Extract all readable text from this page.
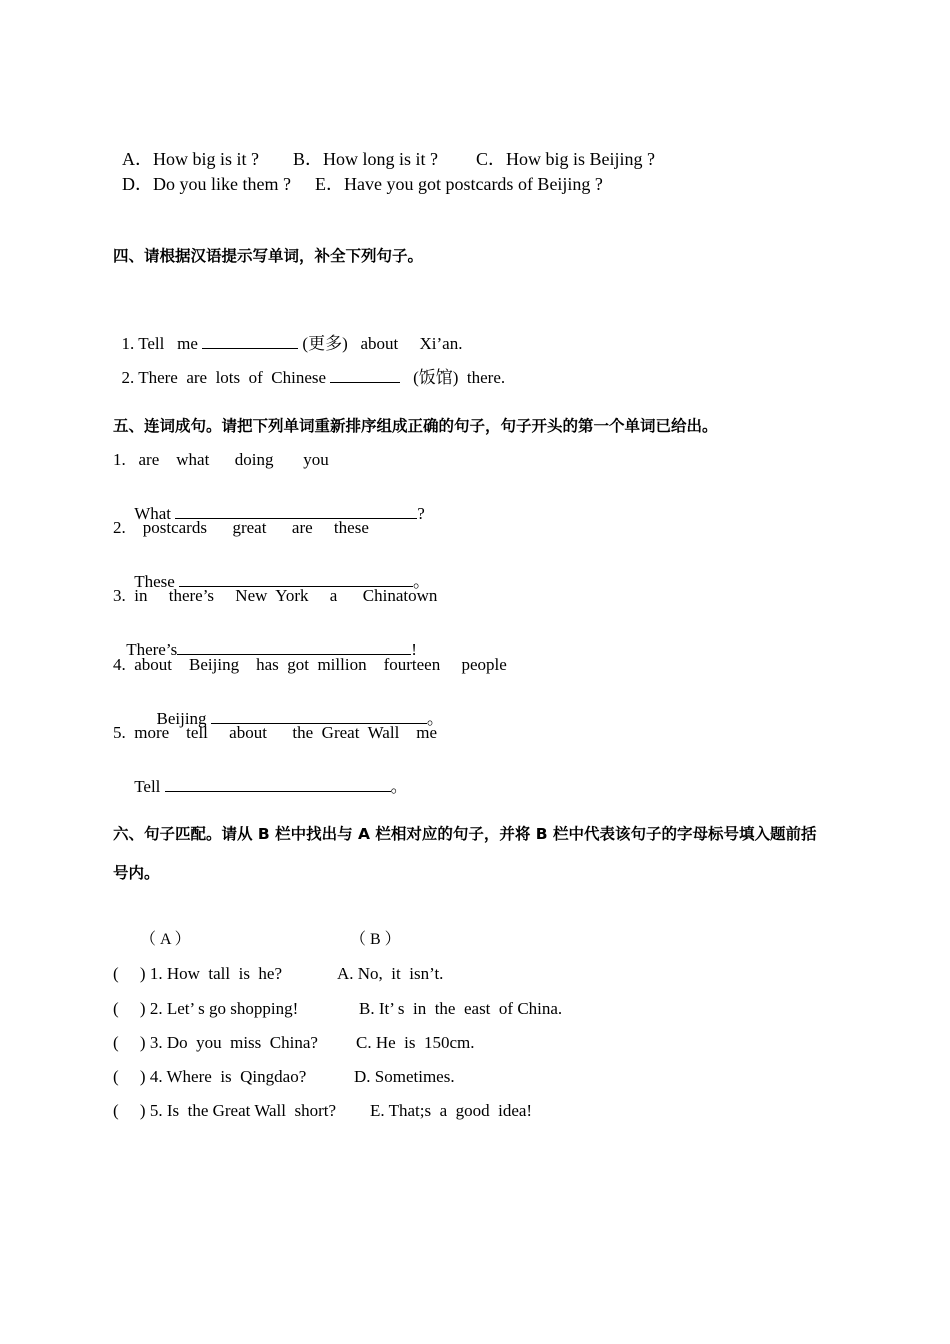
A．How big is it ? B．How long is it ? C．How big is Beijing ?

D．Do you like them ? E．Have you got postcards of Beijing ?

四、请根据汉语提示写单词，补全下列句子。

1. Tell   me	(更多)   about     Xi’an.

2. There  are  lots  of  Chinese	(饭馆)  there.

五、连词成句。请把下列单词重新排序组成正确的句子，句子开头的第一个单词已给出。
1.   are    what      doing       you

What	?

2.    postcards      great      are     these

These	。

3.  in     there’s     New  York     a      Chinatown

There’s	!

4.  about    Beijing    has  got  million    fourteen     people

Beijing	。

5.  more    tell     about      the  Great  Wall    me

Tell	。

六、句子匹配。请从 B 栏中找出与 A 栏相对应的句子，并将 B 栏中代表该句子的字母标号填入题前括
号内。
（ A ）	（ B ）
(     ) 1. How  tall  is  he?	A. No,  it  isn’t.
(     ) 2. Let’ s go shopping!	B. It’ s  in  the  east  of China.
(     ) 3. Do  you  miss  China? C. He  is  150cm.
(     ) 4. Where  is  Qingdao?	D. Sometimes.
(     ) 5. Is  the Great Wall  short? E. That;s  a  good  idea!
